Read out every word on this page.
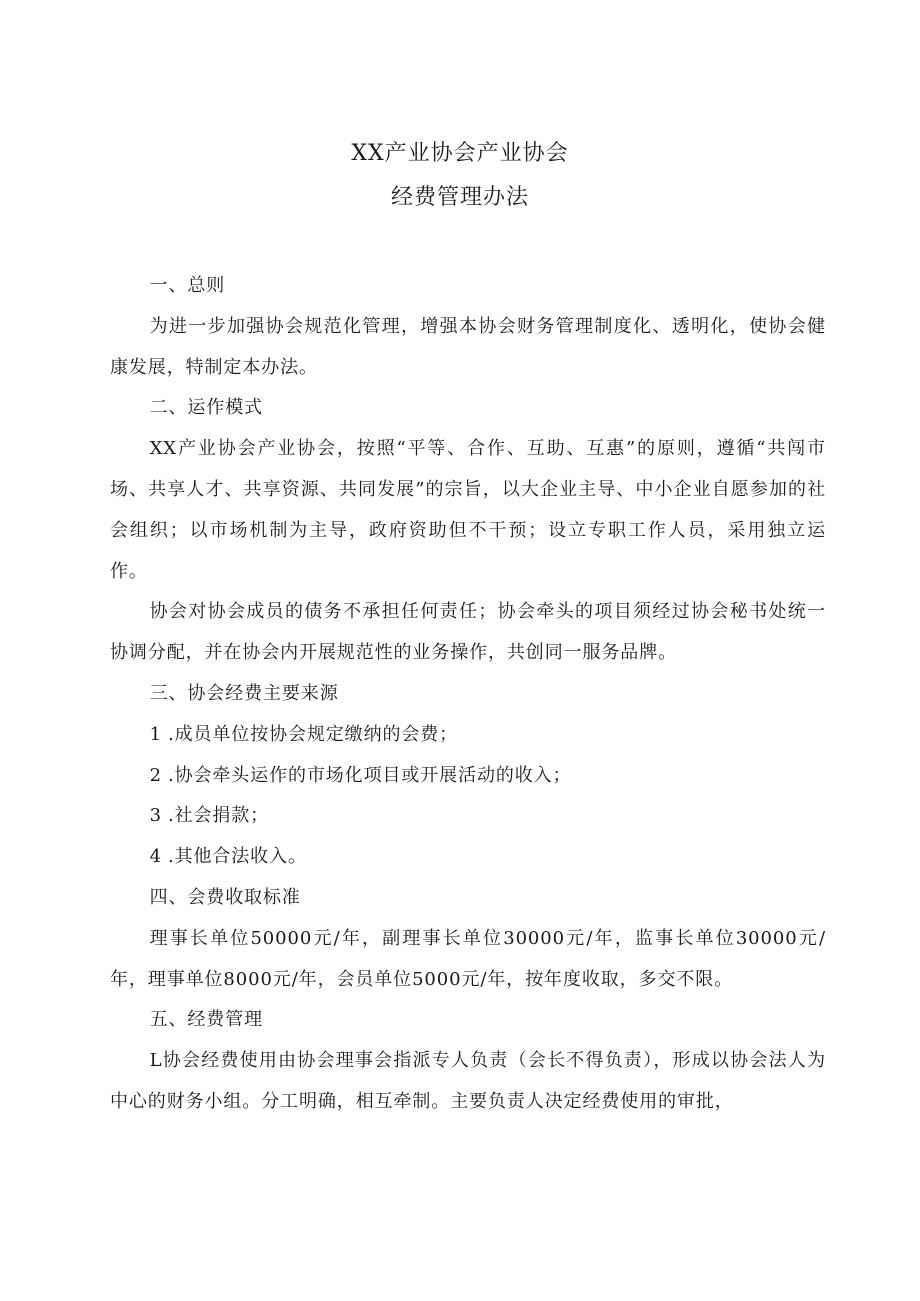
XX产业协会产业协会
经费管理办法
一、总则

为进一步加强协会规范化管理，增强本协会财务管理制度化、透明化，使协会健康发展，特制定本办法。

二、运作模式

XX产业协会产业协会，按照“平等、合作、互助、互惠”的原则，遵循“共闯市场、共享人才、共享资源、共同发展”的宗旨，以大企业主导、中小企业自愿参加的社会组织；以市场机制为主导，政府资助但不干预；设立专职工作人员，采用独立运作。

协会对协会成员的债务不承担任何责任；协会牵头的项目须经过协会秘书处统一协调分配，并在协会内开展规范性的业务操作，共创同一服务品牌。

三、协会经费主要来源
1 .成员单位按协会规定缴纳的会费；
2 .协会牵头运作的市场化项目或开展活动的收入；
3 .社会捐款；
4 .其他合法收入。
四、会费收取标准

理事长单位50000元/年，副理事长单位30000元/年，监事长单位30000元/年，理事单位8000元/年，会员单位5000元/年，按年度收取，多交不限。

五、经费管理

L协会经费使用由协会理事会指派专人负责（会长不得负责），形成以协会法人为中心的财务小组。分工明确，相互牵制。主要负责人决定经费使用的审批，
